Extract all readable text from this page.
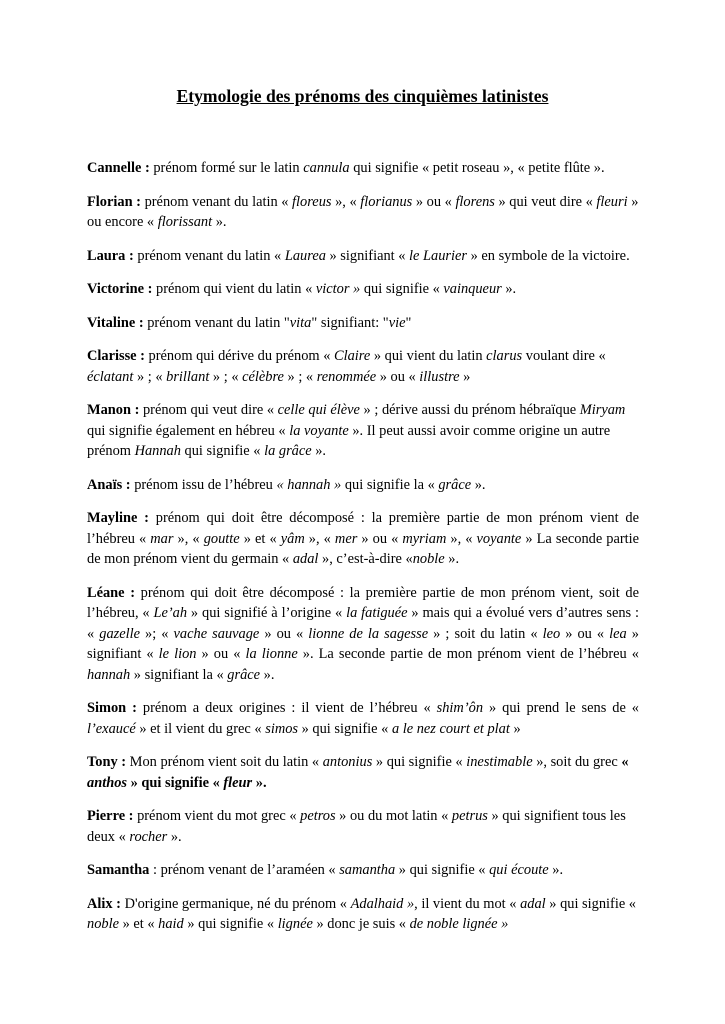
Etymologie des prénoms des cinquièmes latinistes

Cannelle : prénom formé sur le latin cannula qui signifie « petit roseau », « petite flûte ».

Florian : prénom venant du latin « floreus », « florianus » ou « florens » qui veut dire « fleuri » ou encore « florissant ».

Laura : prénom venant du latin « Laurea » signifiant « le Laurier » en symbole de la victoire.

Victorine : prénom qui vient du latin « victor » qui signifie « vainqueur ».

Vitaline : prénom venant du latin "vita" signifiant: "vie"

Clarisse : prénom qui dérive du prénom « Claire » qui vient du latin clarus voulant dire « éclatant » ; « brillant » ; « célèbre » ; « renommée » ou « illustre »

Manon : prénom qui veut dire « celle qui élève » ; dérive aussi du prénom hébraïque Miryam qui signifie également en hébreu « la voyante ». Il peut aussi avoir comme origine un autre prénom Hannah qui signifie « la grâce ».

Anaïs : prénom issu de l’hébreu « hannah » qui signifie la « grâce ».

Mayline : prénom qui doit être décomposé : la première partie de mon prénom vient de l’hébreu « mar », « goutte » et « yâm », « mer » ou « myriam », « voyante » La seconde partie de mon prénom vient du germain « adal », c’est-à-dire «noble ».

Léane : prénom qui doit être décomposé : la première partie de mon prénom vient, soit de l’hébreu, « Le’ah » qui signifié à l’origine « la fatiguée » mais qui a évolué vers d’autres sens : « gazelle »; « vache sauvage » ou « lionne de la sagesse » ; soit du latin « leo » ou « lea » signifiant « le lion » ou « la lionne ». La seconde partie de mon prénom vient de l’hébreu « hannah » signifiant la « grâce ».

Simon : prénom a deux origines : il vient de l’hébreu « shim’ôn » qui prend le sens de « l’exaucé » et il vient du grec « simos » qui signifie « a le nez court et plat »

Tony : Mon prénom vient soit du latin « antonius » qui signifie « inestimable », soit du grec « anthos » qui signifie « fleur ».

Pierre : prénom vient du mot grec « petros » ou du mot latin « petrus » qui signifient tous les deux « rocher ».

Samantha : prénom venant de l’araméen « samantha » qui signifie « qui écoute ».

Alix : D'origine germanique, né du prénom « Adalhaid », il vient du mot « adal » qui signifie « noble » et « haid » qui signifie « lignée » donc je suis « de noble lignée »
